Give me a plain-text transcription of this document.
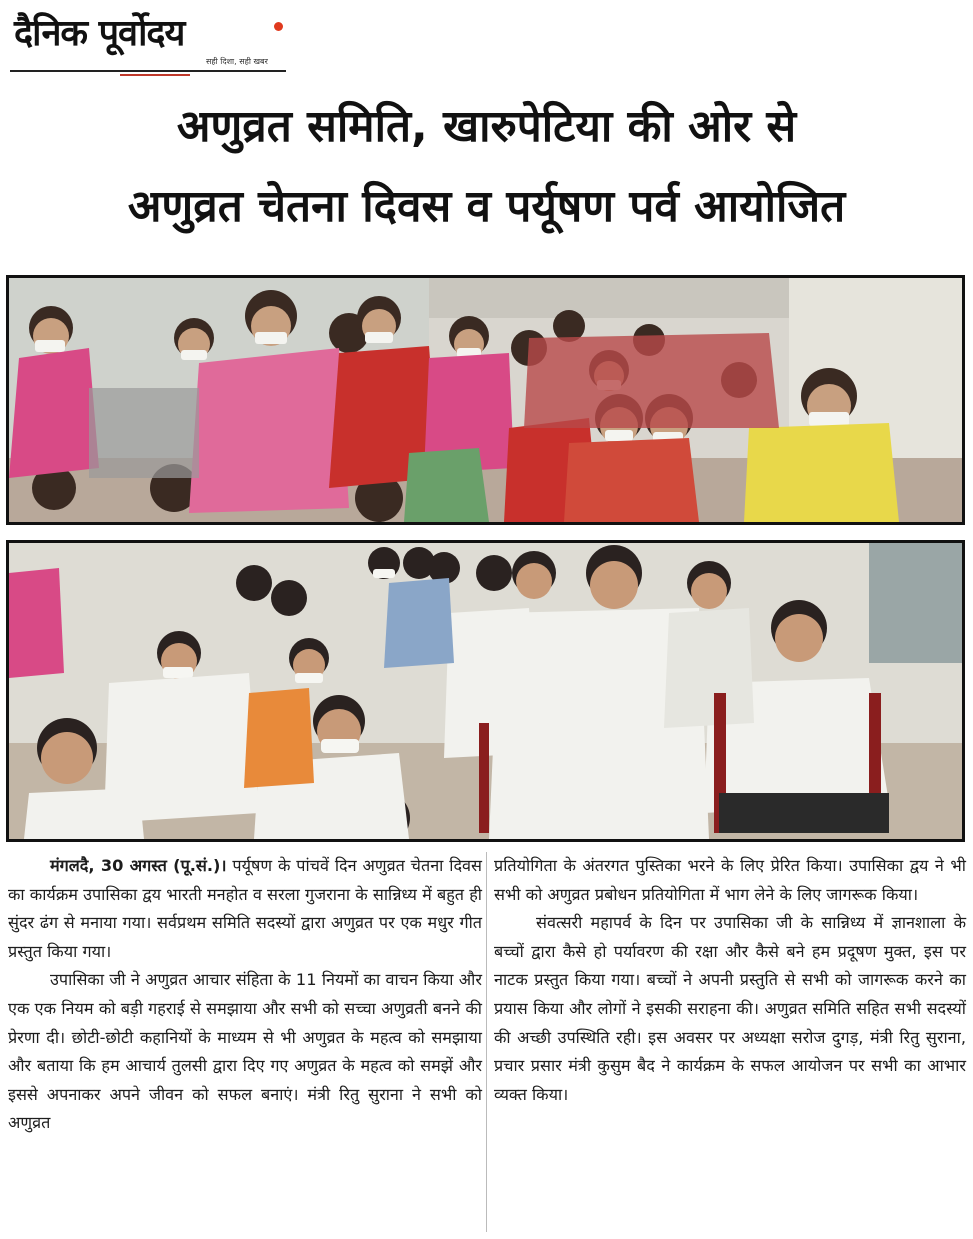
दैनिक पूर्वोदय
सही दिशा, सही खबर
अणुव्रत समिति, खारुपेटिया की ओर से
अणुव्रत चेतना दिवस व पर्यूषण पर्व आयोजित

मंगलदै, 30 अगस्त (पू.सं.)। पर्यूषण के पांचवें दिन अणुव्रत चेतना दिवस का कार्यक्रम उपासिका द्वय भारती मनहोत व सरला गुजराना के सान्निध्य में बहुत ही सुंदर ढंग से मनाया गया। सर्वप्रथम समिति सदस्यों द्वारा अणुव्रत पर एक मधुर गीत प्रस्तुत किया गया।

उपासिका जी ने अणुव्रत आचार संहिता के 11 नियमों का वाचन किया और एक एक नियम को बड़ी गहराई से समझाया और सभी को सच्चा अणुव्रती बनने की प्रेरणा दी। छोटी-छोटी कहानियों के माध्यम से भी अणुव्रत के महत्व को समझाया और बताया कि हम आचार्य तुलसी द्वारा दिए गए अणुव्रत के महत्व को समझें और इससे अपनाकर अपने जीवन को सफल बनाएं। मंत्री रितु सुराना ने सभी को अणुव्रत

प्रतियोगिता के अंतरगत पुस्तिका भरने के लिए प्रेरित किया। उपासिका द्वय ने भी सभी को अणुव्रत प्रबोधन प्रतियोगिता में भाग लेने के लिए जागरूक किया।

संवत्सरी महापर्व के दिन पर उपासिका जी के सान्निध्य में ज्ञानशाला के बच्चों द्वारा कैसे हो पर्यावरण की रक्षा और कैसे बने हम प्रदूषण मुक्त, इस पर नाटक प्रस्तुत किया गया। बच्चों ने अपनी प्रस्तुति से सभी को जागरूक करने का प्रयास किया और लोगों ने इसकी सराहना की। अणुव्रत समिति सहित सभी सदस्यों की अच्छी उपस्थिति रही। इस अवसर पर अध्यक्षा सरोज दुगड़, मंत्री रितु सुराना, प्रचार प्रसार मंत्री कुसुम बैद ने कार्यक्रम के सफल आयोजन पर सभी का आभार व्यक्त किया।
